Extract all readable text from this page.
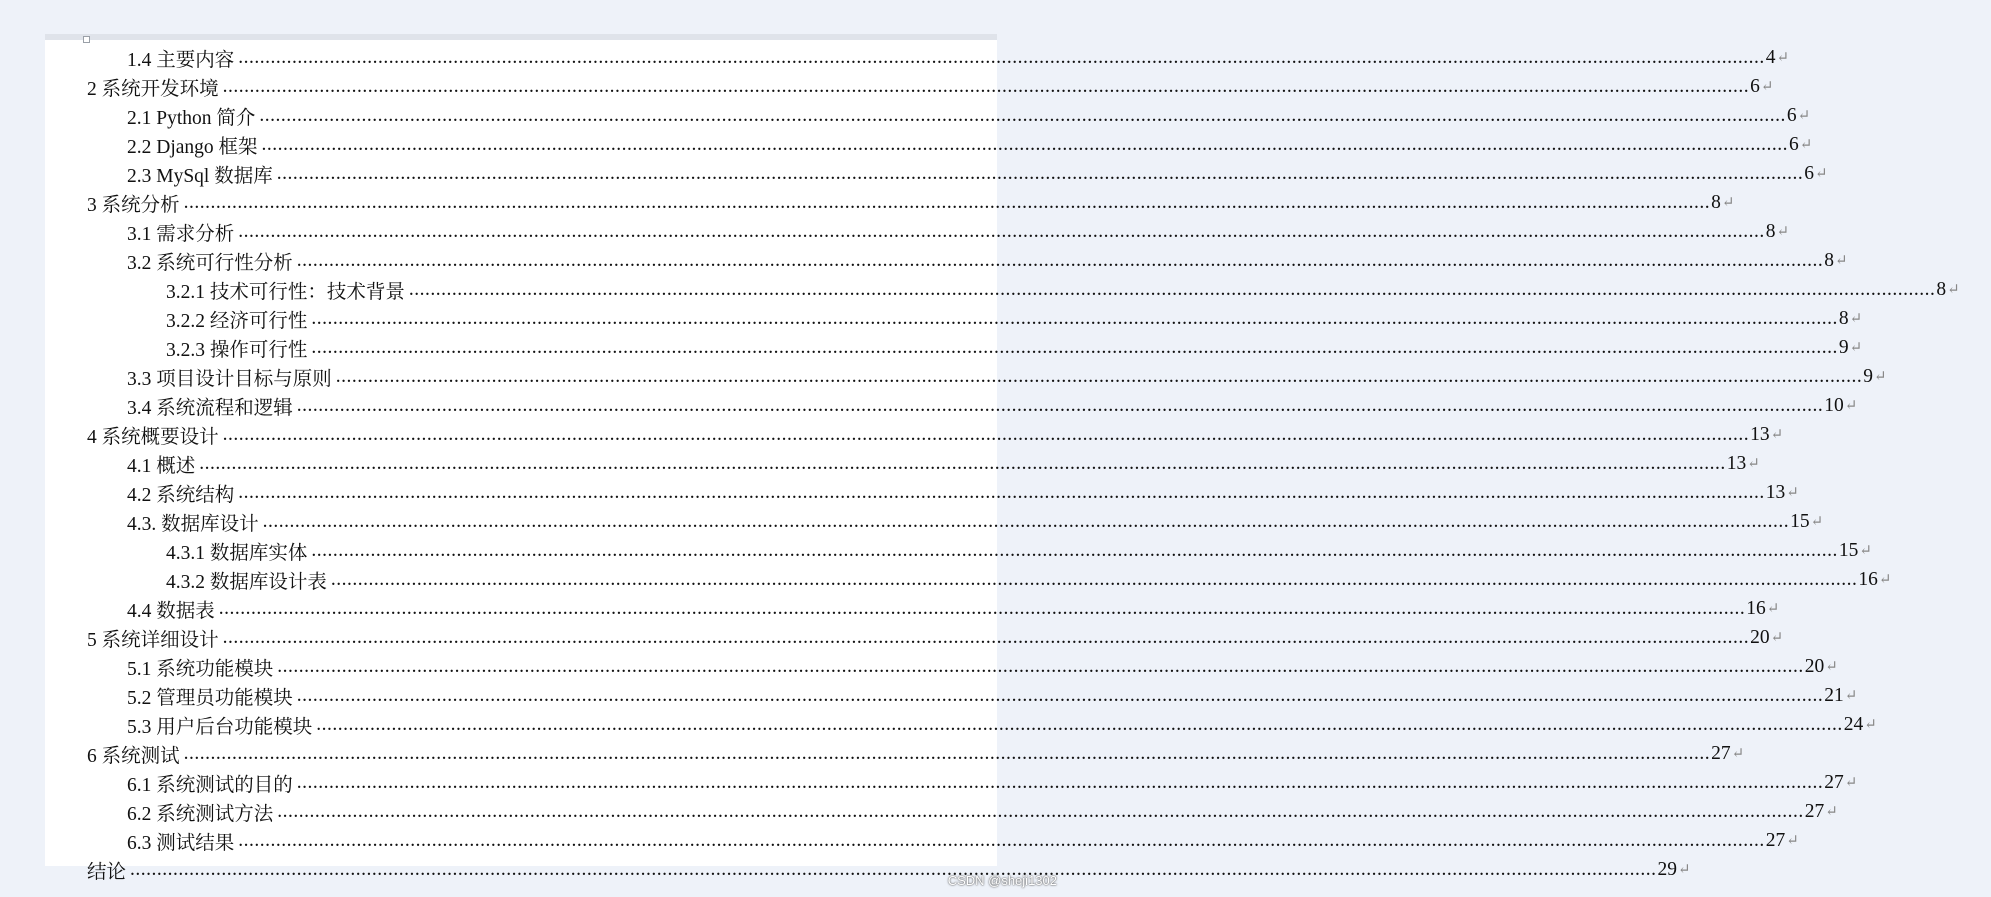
1.4 主要内容 .....	4 ↵
2 系统开发环境 .....	6 ↵
2.1 Python 简介 .....	6 ↵
2.2 Django 框架 .....	6 ↵
2.3 MySql 数据库 .....	6 ↵
3 系统分析 .....	8 ↵
3.1 需求分析 .....	8 ↵
3.2 系统可行性分析 .....	8 ↵
3.2.1 技术可行性：技术背景 .....	8 ↵
3.2.2 经济可行性 .....	8 ↵
3.2.3 操作可行性 .....	9 ↵
3.3 项目设计目标与原则 .....	9 ↵
3.4 系统流程和逻辑 .....	10 ↵
4 系统概要设计 .....	13 ↵
4.1 概述 .....	13 ↵
4.2 系统结构 .....	13 ↵
4.3. 数据库设计 .....	15 ↵
4.3.1 数据库实体 .....	15 ↵
4.3.2 数据库设计表 .....	16 ↵
4.4 数据表 .....	16 ↵
5 系统详细设计 .....	20 ↵
5.1 系统功能模块 .....	20 ↵
5.2 管理员功能模块 .....	21 ↵
5.3 用户后台功能模块 .....	24 ↵
6 系统测试 .....	27 ↵
6.1 系统测试的目的 .....	27 ↵
6.2 系统测试方法 .....	27 ↵
6.3 测试结果 .....	27 ↵
结论 .....	29 ↵
CSDN @sheji1302
